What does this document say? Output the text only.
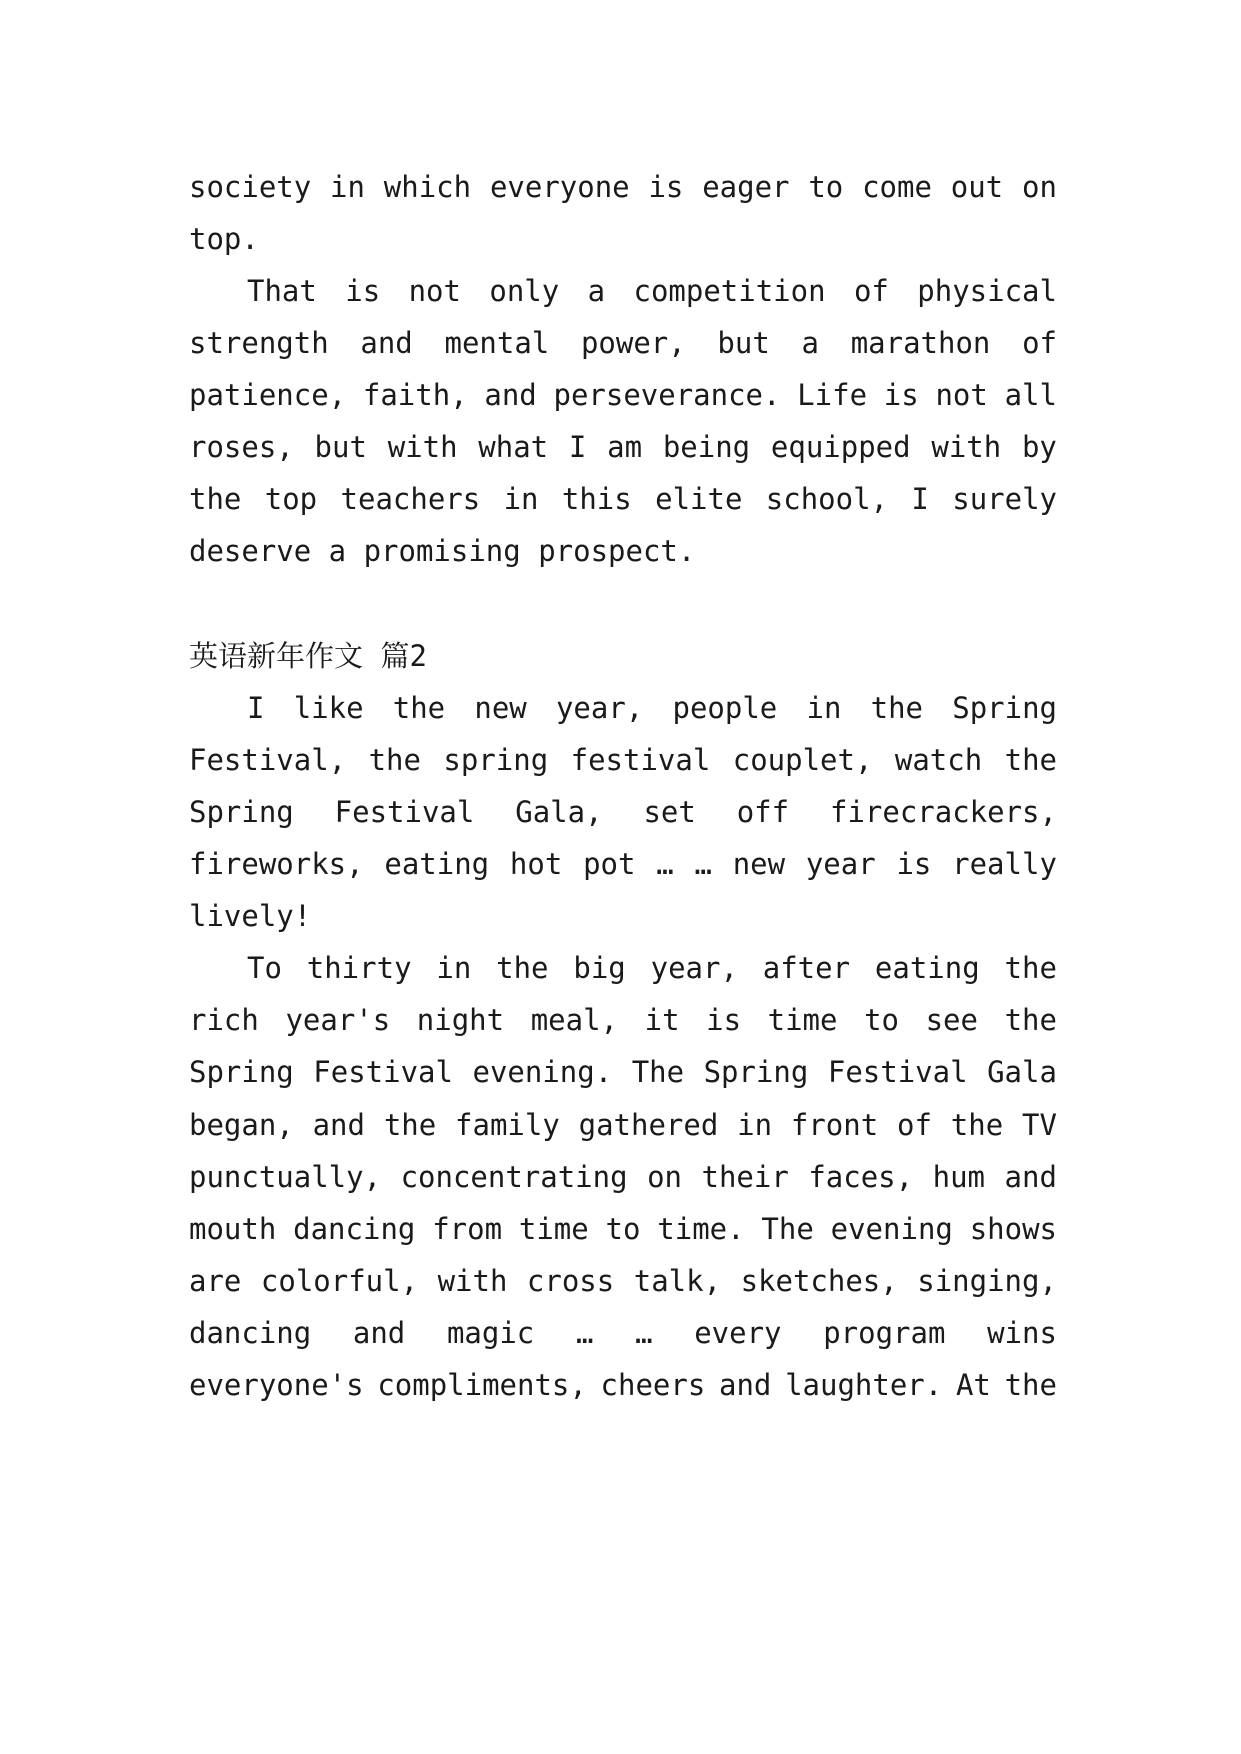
society in which everyone is eager to come out on
top.
That is not only a competition of physical
strength and mental power, but a marathon of
patience, faith, and perseverance. Life is not all
roses, but with what I am being equipped with by
the top teachers in this elite school, I surely
deserve a promising prospect.
英语新年作文 篇2
I like the new year, people in the Spring
Festival, the spring festival couplet, watch the
Spring Festival Gala, set off firecrackers,
fireworks, eating hot pot … … new year is really
lively!
To thirty in the big year, after eating the
rich year's night meal, it is time to see the
Spring Festival evening. The Spring Festival Gala
began, and the family gathered in front of the TV
punctually, concentrating on their faces, hum and
mouth dancing from time to time. The evening shows
are colorful, with cross talk, sketches, singing,
dancing and magic … … every program wins
everyone's compliments, cheers and laughter. At the
